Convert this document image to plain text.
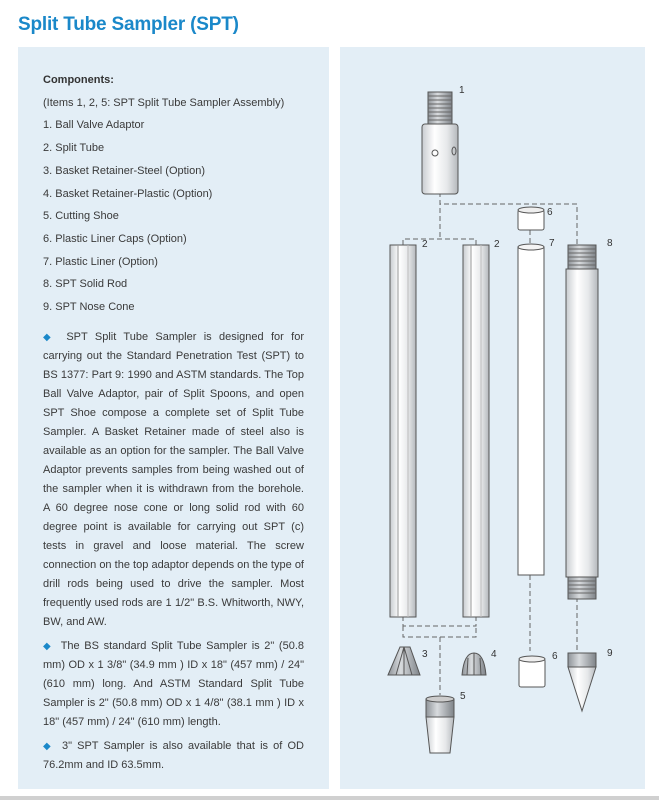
Split Tube Sampler (SPT)
Components:
(Items 1, 2, 5: SPT Split Tube Sampler Assembly)
1. Ball Valve Adaptor
2. Split Tube
3. Basket Retainer-Steel (Option)
4. Basket Retainer-Plastic (Option)
5. Cutting Shoe
6. Plastic Liner Caps (Option)
7. Plastic Liner (Option)
8. SPT Solid Rod
9. SPT Nose Cone
◆ SPT Split Tube Sampler is designed for for carrying out the Standard Penetration Test (SPT) to BS 1377: Part 9: 1990 and ASTM standards. The Top Ball Valve Adaptor, pair of Split Spoons, and open SPT Shoe compose a complete set of Split Tube Sampler. A Basket Retainer made of steel also is available as an option for the sampler. The Ball Valve Adaptor prevents samples from being washed out of the sampler when it is withdrawn from the borehole. A 60 degree nose cone or long solid rod with 60 degree point is available for carrying out SPT (c) tests in gravel and loose material. The screw connection on the top adaptor depends on the type of drill rods being used to drive the sampler. Most frequently used rods are 1 1/2" B.S. Whitworth, NWY, BW, and AW.
◆ The BS standard Split Tube Sampler is 2" (50.8 mm) OD x 1 3/8" (34.9 mm ) ID x 18" (457 mm) / 24" (610 mm) long. And ASTM Standard Split Tube Sampler is 2" (50.8 mm) OD x 1 4/8" (38.1 mm ) ID x 18" (457 mm) / 24" (610 mm) length.
◆ 3" SPT Sampler is also available that is of OD 76.2mm and ID 63.5mm.
1
2	2
6
7	8
3	4	6	9
5
